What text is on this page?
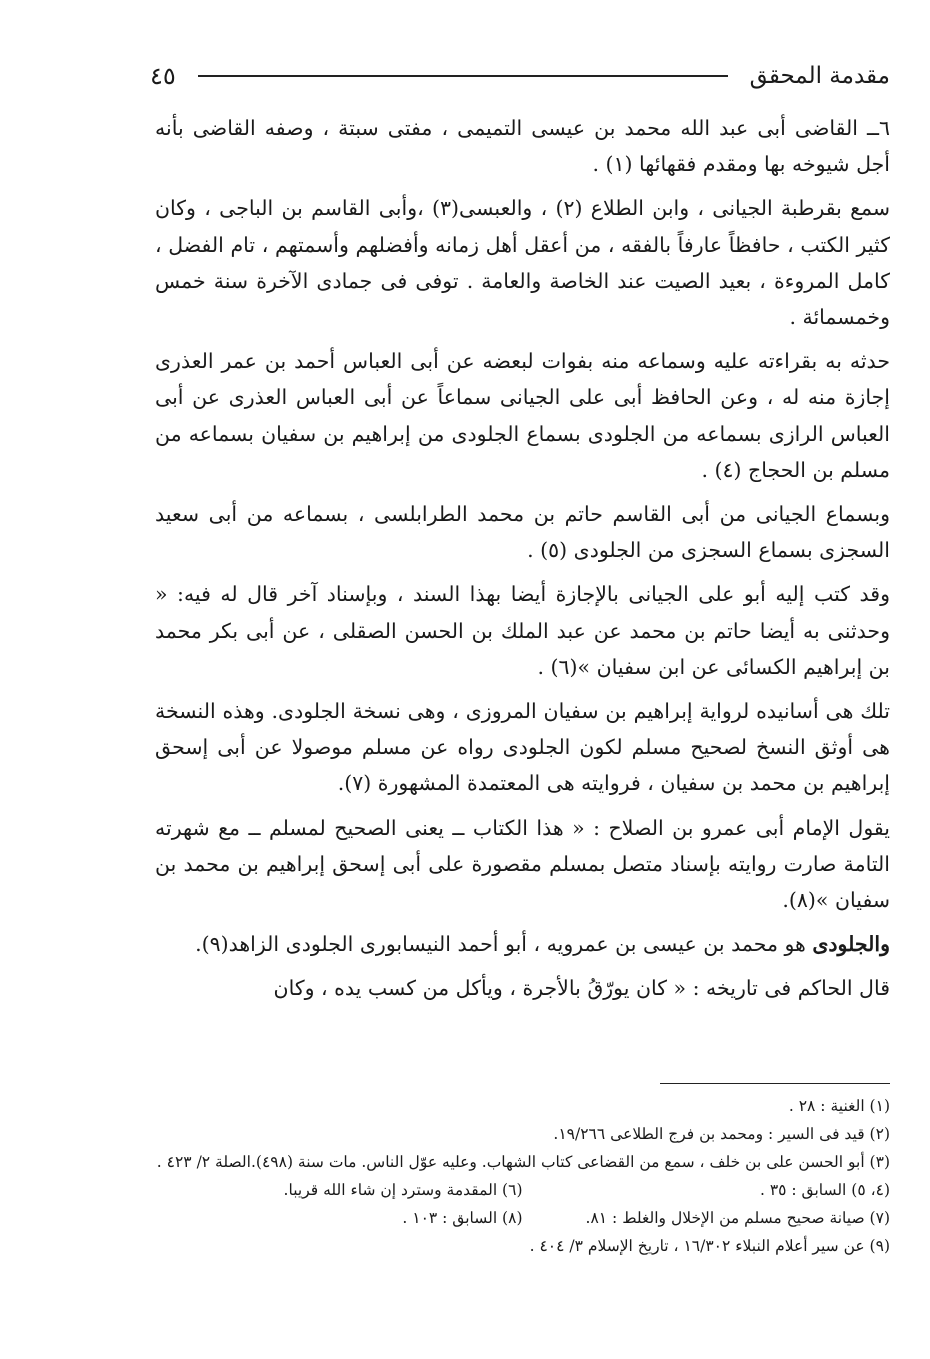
مقدمة المحقق
٤٥

٦ــ القاضى أبى عبد الله محمد بن عيسى التميمى ، مفتى سبتة ، وصفه القاضى بأنه أجل شيوخه بها ومقدم فقهائها (١) .

سمع بقرطبة الجيانى ، وابن الطلاع (٢) ، والعبسى(٣) ،وأبى القاسم بن الباجى ، وكان كثير الكتب ، حافظاً عارفاً بالفقه ، من أعقل أهل زمانه وأفضلهم وأسمتهم ، تام الفضل ، كامل المروءة ، بعيد الصيت عند الخاصة والعامة . توفى فى جمادى الآخرة سنة خمس وخمسمائة .

حدثه به بقراءته عليه وسماعه منه بفوات لبعضه عن أبى العباس أحمد بن عمر العذرى إجازة منه له ، وعن الحافظ أبى على الجيانى سماعاً عن أبى العباس العذرى عن أبى العباس الرازى بسماعه من الجلودى بسماع الجلودى من إبراهيم بن سفيان بسماعه من مسلم بن الحجاج (٤) .

وبسماع الجيانى من أبى القاسم حاتم بن محمد الطرابلسى ، بسماعه من أبى سعيد السجزى بسماع السجزى من الجلودى (٥) .

وقد كتب إليه أبو على الجيانى بالإجازة أيضا بهذا السند ، وبإسناد آخر قال له فيه: « وحدثنى به أيضا حاتم بن محمد عن عبد الملك بن الحسن الصقلى ، عن أبى بكر محمد بن إبراهيم الكسائى عن ابن سفيان »(٦) .

تلك هى أسانيده لرواية إبراهيم بن سفيان المروزى ، وهى نسخة الجلودى. وهذه النسخة هى أوثق النسخ لصحيح مسلم لكون الجلودى رواه عن مسلم موصولا عن أبى إسحق إبراهيم بن محمد بن سفيان ، فروايته هى المعتمدة المشهورة (٧).

يقول الإمام أبى عمرو بن الصلاح : « هذا الكتاب ــ يعنى الصحيح لمسلم ــ مع شهرته التامة صارت روايته بإسناد متصل بمسلم مقصورة على أبى إسحق إبراهيم بن محمد بن سفيان »(٨).

والجلودى هو محمد بن عيسى بن عمرويه ، أبو أحمد النيسابورى الجلودى الزاهد(٩).

قال الحاكم فى تاريخه : « كان يورّقُ بالأجرة ، ويأكل من كسب يده ، وكان

(١) الغنية : ٢٨ .

(٢) قيد فى السير : ومحمد بن فرج الطلاعى ١٩/٢٦٦.

(٣) أبو الحسن على بن خلف ، سمع من القضاعى كتاب الشهاب. وعليه عوّل الناس. مات سنة (٤٩٨).الصلة ٢/ ٤٢٣ .

(٤، ٥) السابق : ٣٥ .
(٦) المقدمة وسترد إن شاء الله قريبا.
(٧) صيانة صحيح مسلم من الإخلال والغلط : ٨١.
(٨) السابق : ١٠٣ .

(٩) عن سير أعلام النبلاء ١٦/٣٠٢ ، تاريخ الإسلام ٣/ ٤٠٤ .
